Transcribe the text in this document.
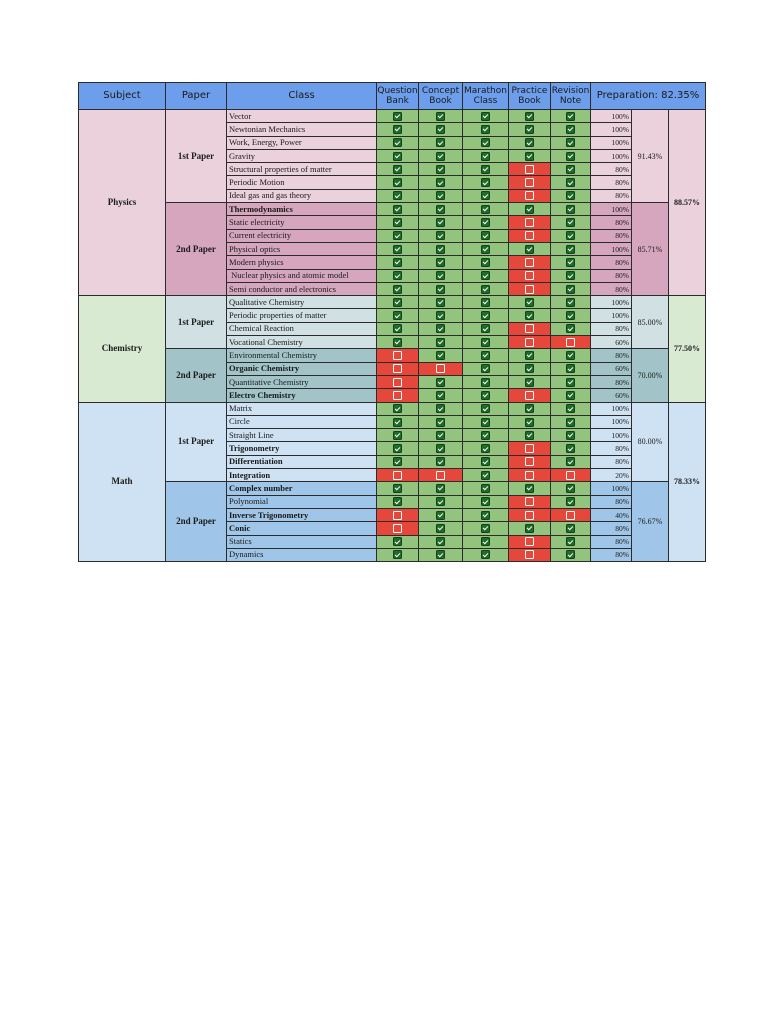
Subject	Paper	Class	Question Bank	Concept Book	Marathon Class	Practice Book	Revision Note	Preparation: 82.35%		
Physics	1st Paper	Vector						100%	91.43%	88.57%
		Newtonian Mechanics						100%		
		Work, Energy, Power						100%		
		Gravity						100%		
		Structural properties of matter						80%		
		Periodic Motion						80%		
		Ideal gas and gas theory						80%		
	2nd Paper	Thermodynamics						100%	85.71%	
		Static electricity						80%		
		Current electricity						80%		
		Physical optics						100%		
		Modern physics						80%		
		Nuclear physics and atomic model						80%		
		Semi conductor and electronics						80%		
Chemistry	1st Paper	Qualitative Chemistry						100%	85.00%	77.50%
		Periodic properties of matter						100%		
		Chemical Reaction						80%		
		Vocational Chemistry						60%		
	2nd Paper	Environmental Chemistry						80%	70.00%	
		Organic Chemistry						60%		
		Quantitative Chemistry						80%		
		Electro Chemistry						60%		
Math	1st Paper	Matrix						100%	80.00%	78.33%
		Circle						100%		
		Straight Line						100%		
		Trigonometry						80%		
		Differentiation						80%		
		Integration						20%		
	2nd Paper	Complex number						100%	76.67%	
		Polynomial						80%		
		Inverse Trigonometry						40%		
		Conic						80%		
		Statics						80%		
		Dynamics						80%		
